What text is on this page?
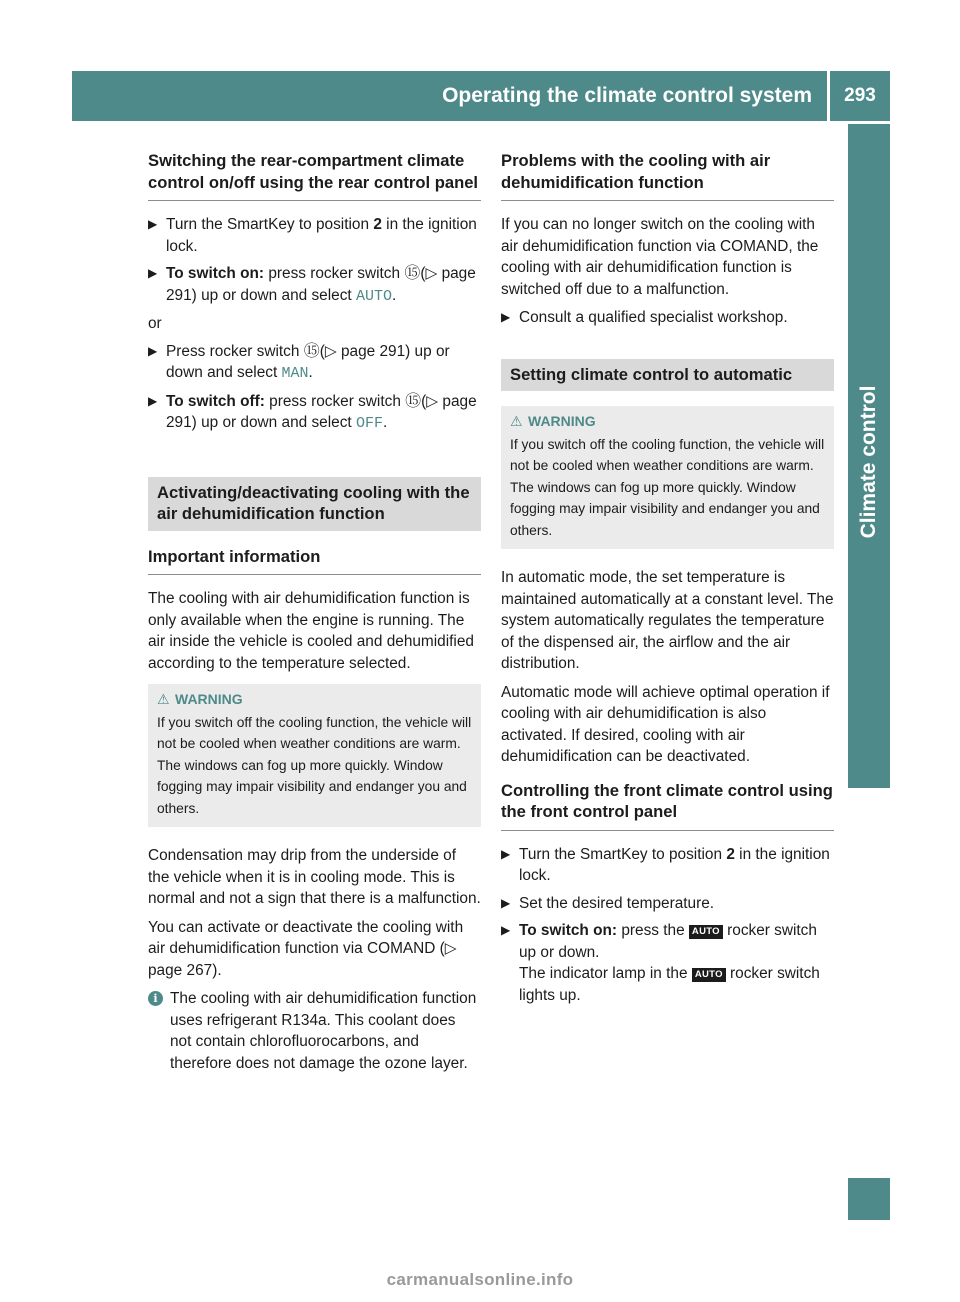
Operating the climate control system	293
Climate control
Switching the rear-compartment climate control on/off using the rear control panel
▶ Turn the SmartKey to position 2 in the ignition lock.
▶ To switch on: press rocker switch ⑮(▷ page 291) up or down and select AUTO.
or
▶ Press rocker switch ⑮(▷ page 291) up or down and select MAN.
▶ To switch off: press rocker switch ⑮(▷ page 291) up or down and select OFF.
Activating/deactivating cooling with the air dehumidification function
Important information

The cooling with air dehumidification function is only available when the engine is running. The air inside the vehicle is cooled and dehumidified according to the temperature selected.

⚠ WARNING
If you switch off the cooling function, the vehicle will not be cooled when weather conditions are warm. The windows can fog up more quickly. Window fogging may impair visibility and endanger you and others.

Condensation may drip from the underside of the vehicle when it is in cooling mode. This is normal and not a sign that there is a malfunction.

You can activate or deactivate the cooling with air dehumidification function via COMAND (▷ page 267).

i The cooling with air dehumidification function uses refrigerant R134a. This coolant does not contain chlorofluorocarbons, and therefore does not damage the ozone layer.
Problems with the cooling with air dehumidification function

If you can no longer switch on the cooling with air dehumidification function via COMAND, the cooling with air dehumidification function is switched off due to a malfunction.

▶ Consult a qualified specialist workshop.
Setting climate control to automatic
⚠ WARNING
If you switch off the cooling function, the vehicle will not be cooled when weather conditions are warm. The windows can fog up more quickly. Window fogging may impair visibility and endanger you and others.

In automatic mode, the set temperature is maintained automatically at a constant level. The system automatically regulates the temperature of the dispensed air, the airflow and the air distribution.

Automatic mode will achieve optimal operation if cooling with air dehumidification is also activated. If desired, cooling with air dehumidification can be deactivated.

Controlling the front climate control using the front control panel
▶ Turn the SmartKey to position 2 in the ignition lock.
▶ Set the desired temperature.
▶ To switch on: press the AUTO rocker switch up or down.
The indicator lamp in the AUTO rocker switch lights up.
carmanualsonline.info
